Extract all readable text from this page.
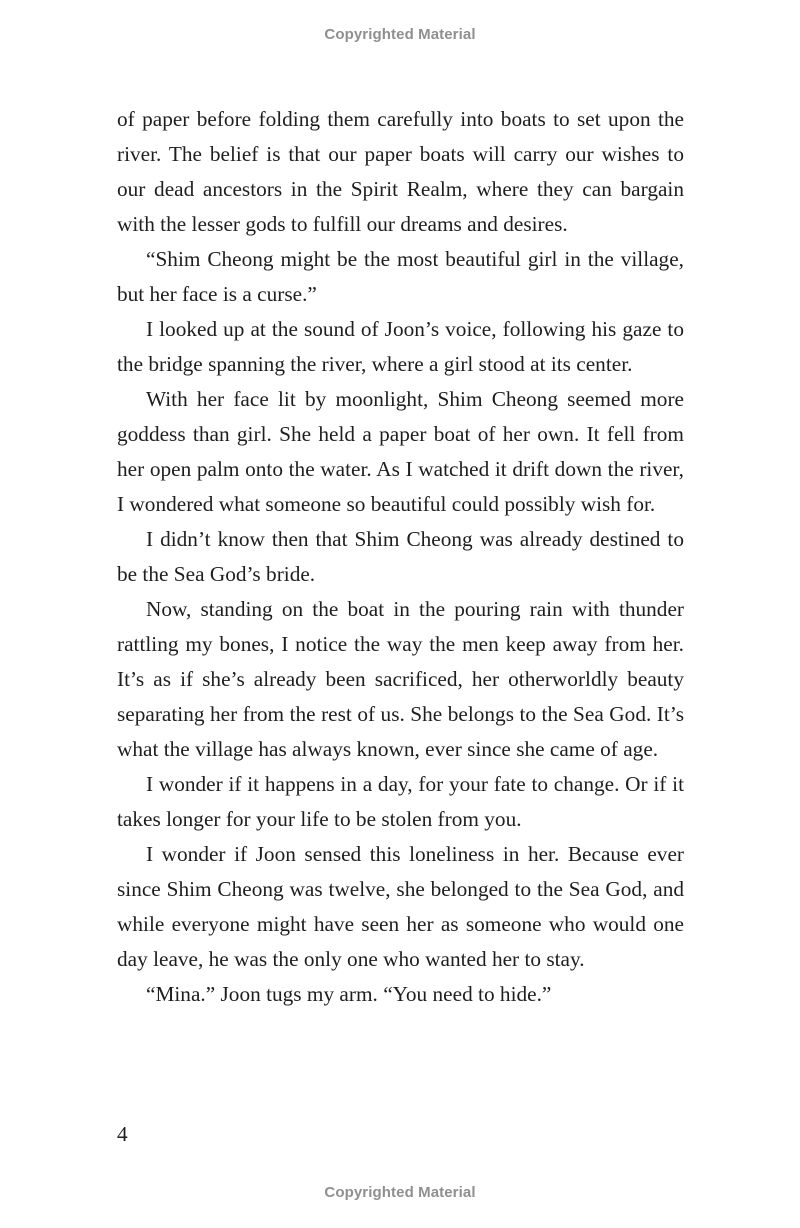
Copyrighted Material

of paper before folding them carefully into boats to set upon the river. The belief is that our paper boats will carry our wishes to our dead ancestors in the Spirit Realm, where they can bargain with the lesser gods to fulfill our dreams and desires.

“Shim Cheong might be the most beautiful girl in the village, but her face is a curse.”

I looked up at the sound of Joon’s voice, following his gaze to the bridge spanning the river, where a girl stood at its center.

With her face lit by moonlight, Shim Cheong seemed more goddess than girl. She held a paper boat of her own. It fell from her open palm onto the water. As I watched it drift down the river, I wondered what someone so beautiful could possibly wish for.

I didn’t know then that Shim Cheong was already destined to be the Sea God’s bride.

Now, standing on the boat in the pouring rain with thunder rattling my bones, I notice the way the men keep away from her. It’s as if she’s already been sacrificed, her otherworldly beauty separating her from the rest of us. She belongs to the Sea God. It’s what the village has always known, ever since she came of age.

I wonder if it happens in a day, for your fate to change. Or if it takes longer for your life to be stolen from you.

I wonder if Joon sensed this loneliness in her. Because ever since Shim Cheong was twelve, she belonged to the Sea God, and while everyone might have seen her as someone who would one day leave, he was the only one who wanted her to stay.

“Mina.” Joon tugs my arm. “You need to hide.”

4
Copyrighted Material
